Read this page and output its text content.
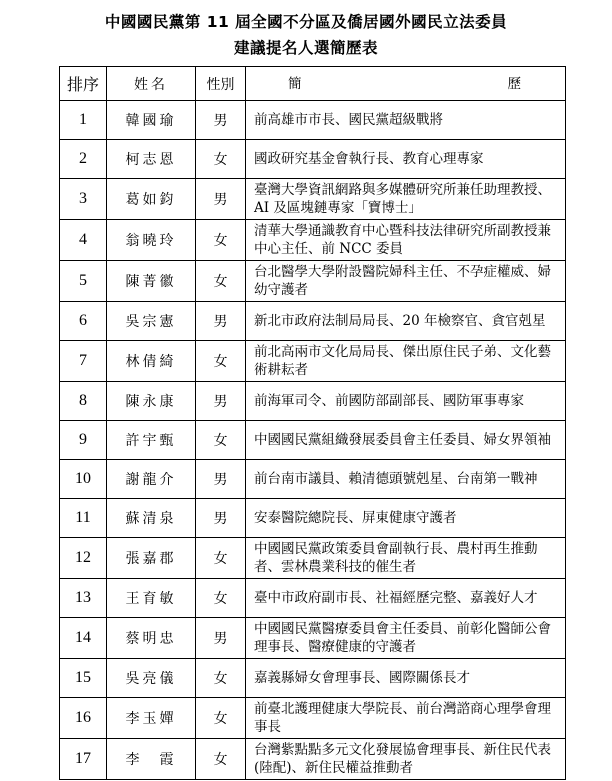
中國國民黨第 11 屆全國不分區及僑居國外國民立法委員
建議提名人選簡歷表
排序	姓名	性別	簡 歷

1	韓國瑜	男	前高雄市市長、國民黨超級戰將
2	柯志恩	女	國政研究基金會執行長、教育心理專家
3	葛如鈞	男	臺灣大學資訊網路與多媒體研究所兼任助理教授、AI 及區塊鏈專家「寶博士」
4	翁曉玲	女	清華大學通識教育中心暨科技法律研究所副教授兼中心主任、前 NCC 委員
5	陳菁徽	女	台北醫學大學附設醫院婦科主任、不孕症權威、婦幼守護者
6	吳宗憲	男	新北市政府法制局局長、20 年檢察官、貪官剋星
7	林倩綺	女	前北高兩市文化局局長、傑出原住民子弟、文化藝術耕耘者
8	陳永康	男	前海軍司令、前國防部副部長、國防軍事專家
9	許宇甄	女	中國國民黨組織發展委員會主任委員、婦女界領袖
10	謝龍介	男	前台南市議員、賴清德頭號剋星、台南第一戰神
11	蘇清泉	男	安泰醫院總院長、屏東健康守護者
12	張嘉郡	女	中國國民黨政策委員會副執行長、農村再生推動者、雲林農業科技的催生者
13	王育敏	女	臺中市政府副市長、社福經歷完整、嘉義好人才
14	蔡明忠	男	中國國民黨醫療委員會主任委員、前彰化醫師公會理事長、醫療健康的守護者
15	吳亮儀	女	嘉義縣婦女會理事長、國際關係長才
16	李玉嬋	女	前臺北護理健康大學院長、前台灣諮商心理學會理事長
17	李　霞	女	台灣紫點點多元文化發展協會理事長、新住民代表(陸配)、新住民權益推動者
